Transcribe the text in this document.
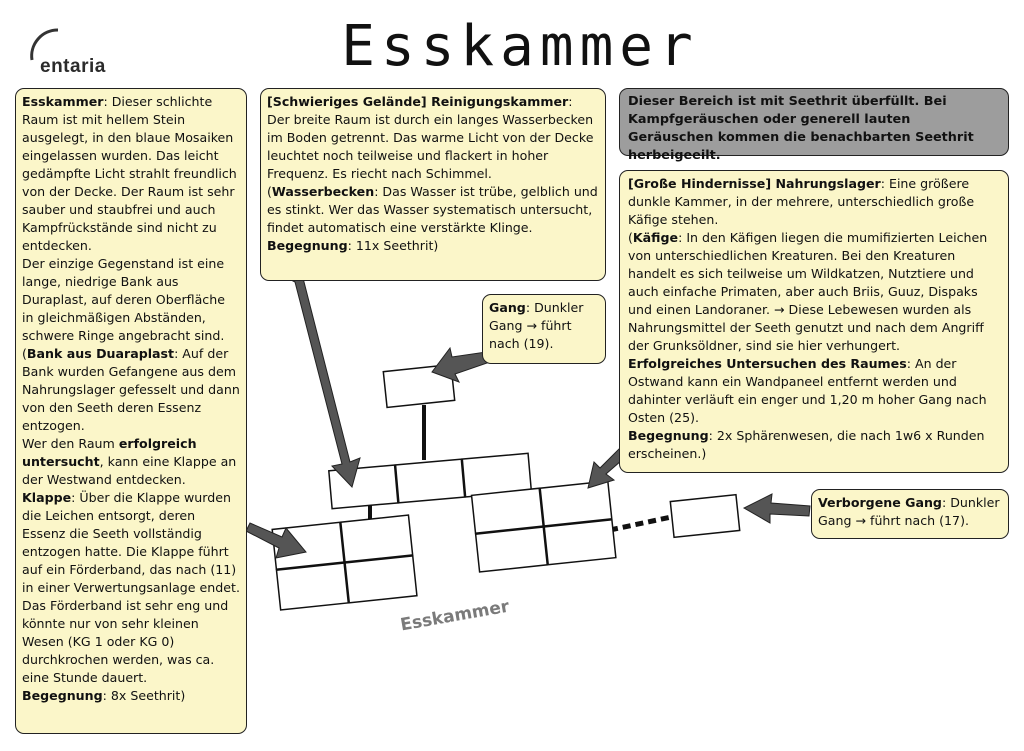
entaria	Esskammer
Esskammer

Esskammer: Dieser schlichte Raum ist mit hellem Stein ausgelegt, in den blaue Mosaiken eingelassen wurden. Das leicht gedämpfte Licht strahlt freundlich von der Decke. Der Raum ist sehr sauber und staubfrei und auch Kampfrückstände sind nicht zu entdecken.

Der einzige Gegenstand ist eine lange, niedrige Bank aus Duraplast, auf deren Oberfläche in gleichmäßigen Abständen, schwere Ringe angebracht sind.

(Bank aus Duaraplast: Auf der Bank wurden Gefangene aus dem Nahrungslager gefesselt und dann von den Seeth deren Essenz entzogen.

Wer den Raum erfolgreich untersucht, kann eine Klappe an der Westwand entdecken.

Klappe: Über die Klappe wurden die Leichen entsorgt, deren Essenz die Seeth vollständig entzogen hatte. Die Klappe führt auf ein Förderband, das nach (11) in einer Verwertungsanlage endet. Das Förderband ist sehr eng und könnte nur von sehr kleinen Wesen (KG 1 oder KG 0) durchkrochen werden, was ca. eine Stunde dauert.

Begegnung: 8x Seethrit)

[Schwieriges Gelände] Reinigungskammer: Der breite Raum ist durch ein langes Wasserbecken im Boden getrennt. Das warme Licht von der Decke leuchtet noch teilweise und flackert in hoher Frequenz. Es riecht nach Schimmel.

(Wasserbecken: Das Wasser ist trübe, gelblich und es stinkt. Wer das Wasser systematisch untersucht, findet automatisch eine verstärkte Klinge.

Begegnung: 11x Seethrit)

Dieser Bereich ist mit Seethrit überfüllt. Bei Kampfgeräuschen oder generell lauten Geräuschen kommen die benachbarten Seethrit herbeigeeilt.

Gang: Dunkler Gang → führt nach (19).

[Große Hindernisse] Nahrungslager: Eine größere dunkle Kammer, in der mehrere, unterschiedlich große Käfige stehen.

(Käfige: In den Käfigen liegen die mumifizierten Leichen von unterschiedlichen Kreaturen. Bei den Kreaturen handelt es sich teilweise um Wildkatzen, Nutztiere und auch einfache Primaten, aber auch Briis, Guuz, Dispaks und einen Landoraner. → Diese Lebewesen wurden als Nahrungsmittel der Seeth genutzt und nach dem Angriff der Grunksöldner, sind sie hier verhungert.

Erfolgreiches Untersuchen des Raumes: An der Ostwand kann ein Wandpaneel entfernt werden und dahinter verläuft ein enger und 1,20 m hoher Gang nach Osten (25).

Begegnung: 2x Sphärenwesen, die nach 1w6 x Runden erscheinen.)

Verborgene Gang: Dunkler Gang → führt nach (17).
